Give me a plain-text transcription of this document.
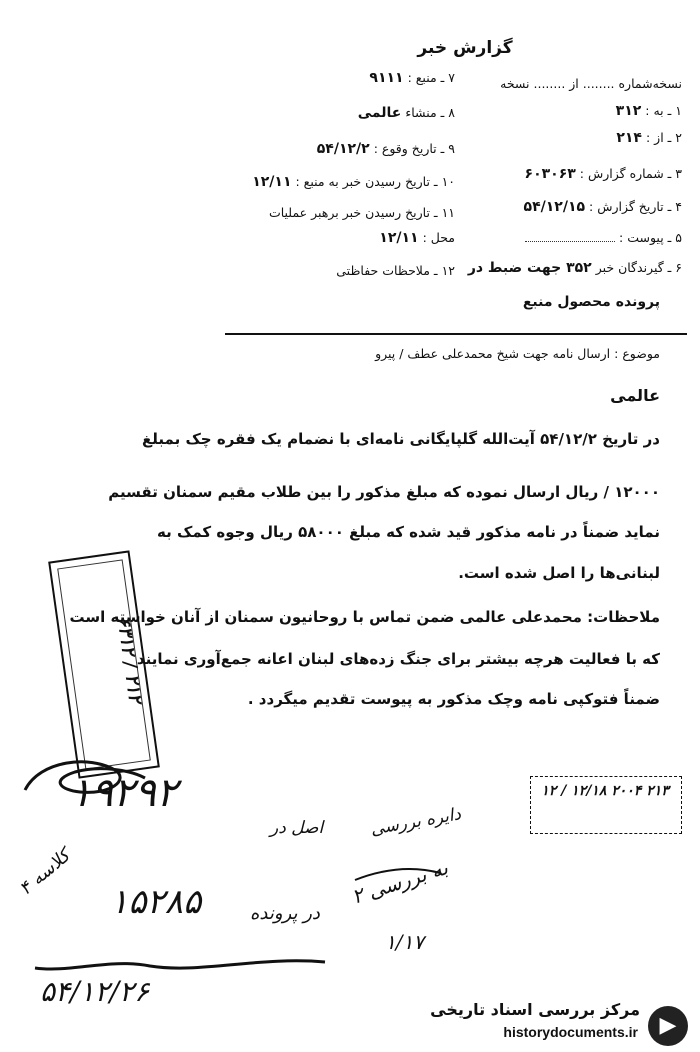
گزارش خبر
نسخه‌شماره ........ از ........ نسخه
۱ ـ به : ۳۱۲
۲ ـ از : ۲۱۴
۳ ـ شماره گزارش : ۶۰۳۰۶۳
۴ ـ تاریخ گزارش : ۵۴/۱۲/۱۵
۵ ـ پیوست :
۶ ـ گیرندگان خبر ۳۵۲ جهت ضبط در
پرونده محصول منبع
۷ ـ منبع : ۹۱۱۱
۸ ـ منشاء عالمی
۹ ـ تاریخ وقوع : ۵۴/۱۲/۲
۱۰ ـ تاریخ رسیدن خبر به منبع : ۱۲/۱۱
۱۱ ـ تاریخ رسیدن خبر برهبر عملیات
محل : ۱۲/۱۱
۱۲ ـ ملاحظات حفاظتی
موضوع : ارسال نامه جهت شیخ محمدعلی عطف / پیرو
عالمی
در تاریخ ۵۴/۱۲/۲ آیت‌الله گلپایگانی نامه‌ای با نضمام یک فقره چک بمبلغ
۱۲۰۰۰ / ریال ارسال نموده که مبلغ مذکور را بین طلاب مقیم سمنان تقسیم
نماید ضمناً در نامه مذکور قید شده که مبلغ ۵۸۰۰۰ ریال وجوه کمک به
لبنانی‌ها را اصل شده است.
ملاحظات: محمدعلی عالمی ضمن تماس با روحانیون سمنان از آنان خواسته است
که با فعالیت هرچه بیشتر برای جنگ زده‌های لبنان اعانه جمع‌آوری نمایند
ضمناً فتوکپی نامه وچک مذکور به پیوست تقدیم میگردد .
۶۳۱۲ / ۲۱۲
۱۲ / ۱۲/۱۸ ۲۰۰۴ ۲۱۳
۱۹۲۹۲
اصل در	دایره بررسی
به بررسی ۲
۱/۱۷
کلاسه ۴
۱۵۲۸۵	در پرونده
۵۴/۱۲/۲۶
مرکز بررسی اسناد تاریخی
historydocuments.ir ▶
